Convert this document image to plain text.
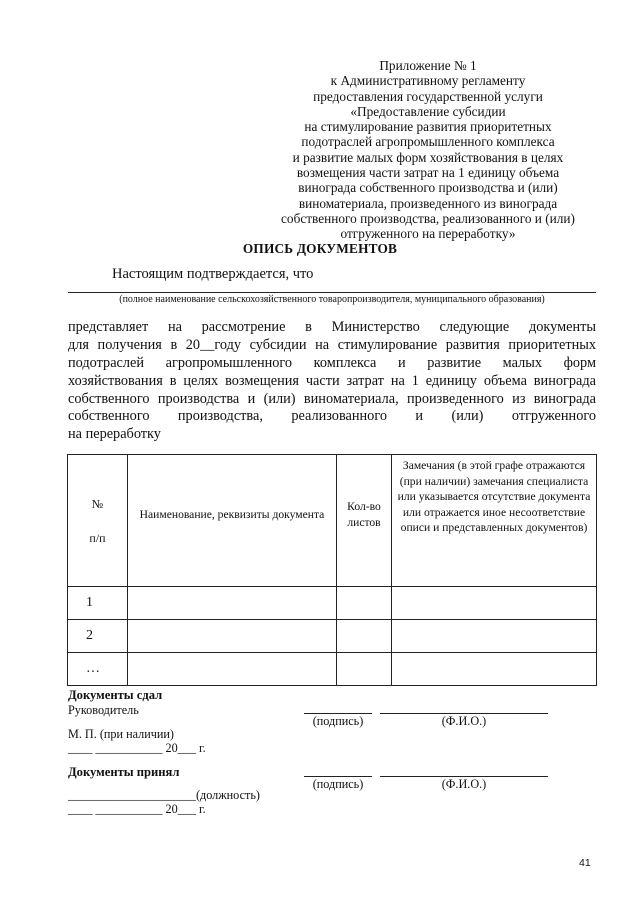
Приложение № 1
к Административному регламенту
предоставления государственной услуги
«Предоставление субсидии
на стимулирование развития приоритетных
подотраслей агропромышленного комплекса
и развитие малых форм хозяйствования в целях
возмещения части затрат на 1 единицу объема
винограда собственного производства и (или)
виноматериала, произведенного из винограда
собственного производства, реализованного и (или)
отгруженного на переработку»
ОПИСЬ ДОКУМЕНТОВ
Настоящим подтверждается, что
(полное наименование сельскохозяйственного товаропроизводителя, муниципального образования)
представляет на рассмотрение в Министерство следующие документы
для получения в 20__году субсидии на стимулирование развития приоритетных
подотраслей агропромышленного комплекса и развитие малых форм
хозяйствования в целях возмещения части затрат на 1 единицу объема винограда
собственного производства и (или) виноматериала, произведенного из винограда
собственного производства, реализованного и (или) отгруженного
на переработку
№
п/п	Наименование, реквизиты документа	Кол-во листов	Замечания (в этой графе отражаются (при наличии) замечания специалиста или указывается отсутствие документа или отражается иное несоответствие описи и представленных документов)
1			
2			
…			
Документы сдал
Руководитель
(подпись)	(Ф.И.О.)
М. П. (при наличии)
____ ___________ 20___ г.
Документы принял
(подпись)	(Ф.И.О.)
_____________________(должность)
____ ___________ 20___ г.
41
